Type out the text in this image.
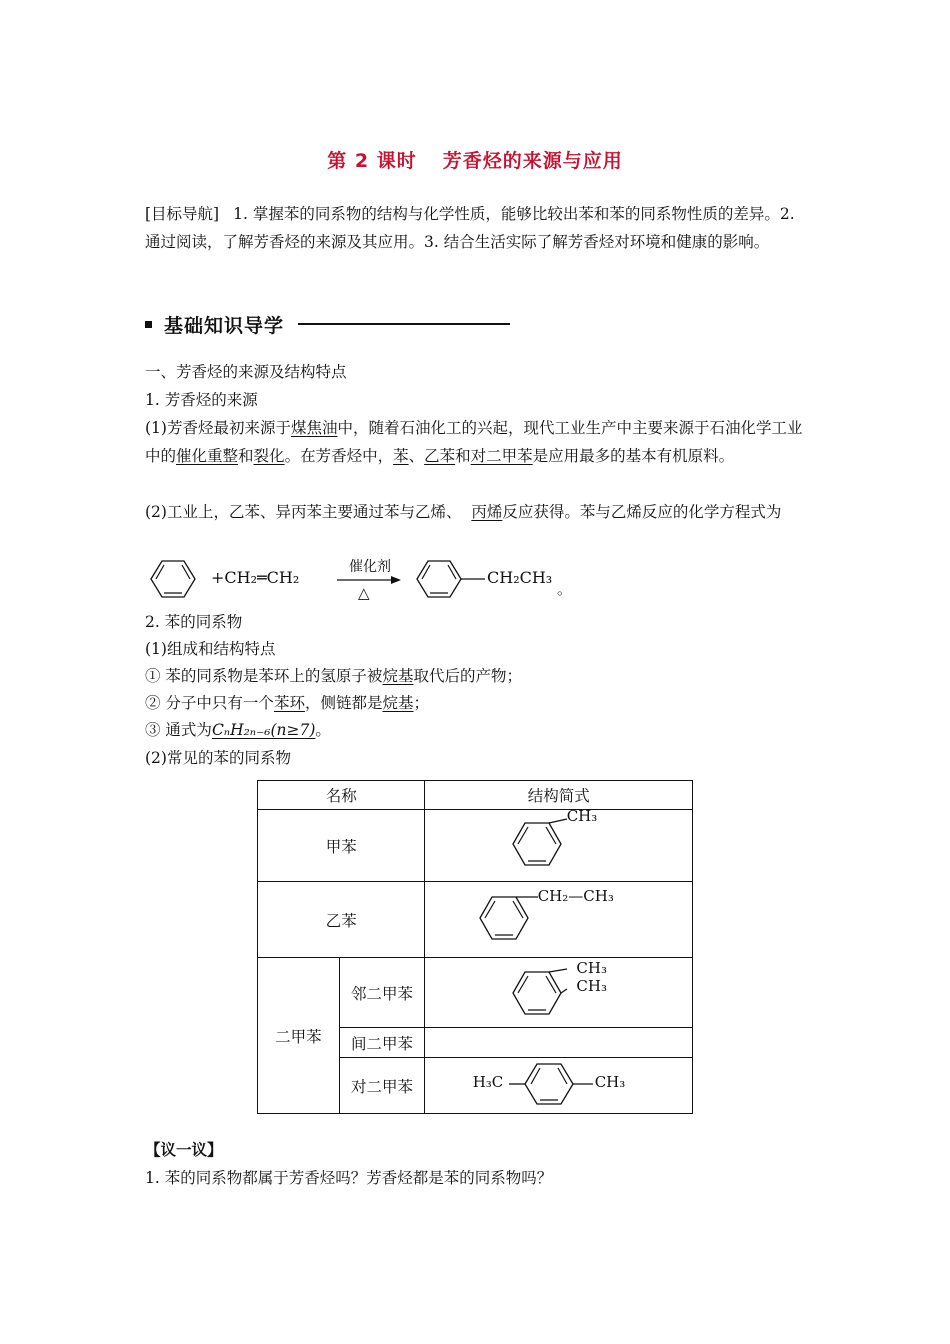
第 2 课时 芳香烃的来源与应用
[目标导航] 1. 掌握苯的同系物的结构与化学性质，能够比较出苯和苯的同系物性质的差异。2. 通过阅读，了解芳香烃的来源及其应用。3. 结合生活实际了解芳香烃对环境和健康的影响。
基础知识导学
一、芳香烃的来源及结构特点
1. 芳香烃的来源
(1)芳香烃最初来源于煤焦油中，随着石油化工的兴起，现代工业生产中主要来源于石油化学工业中的催化重整和裂化。在芳香烃中，苯、乙苯和对二甲苯是应用最多的基本有机原料。
(2)工业上，乙苯、异丙苯主要通过苯与乙烯、 丙烯反应获得。苯与乙烯反应的化学方程式为
+CH₂═CH₂
催化剂
△
CH₂CH₃
。
2. 苯的同系物
(1)组成和结构特点
① 苯的同系物是苯环上的氢原子被烷基取代后的产物；
② 分子中只有一个苯环，侧链都是烷基；
③ 通式为CₙH₂ₙ₋₆(n≥7)。
(2)常见的苯的同系物
名称		结构简式
甲苯		CH₃

乙苯		CH₂—CH₃

二甲苯	邻二甲苯	CH₃
CH₃

	间二甲苯	
	对二甲苯	H₃C CH₃
【议一议】
1. 苯的同系物都属于芳香烃吗？芳香烃都是苯的同系物吗？
